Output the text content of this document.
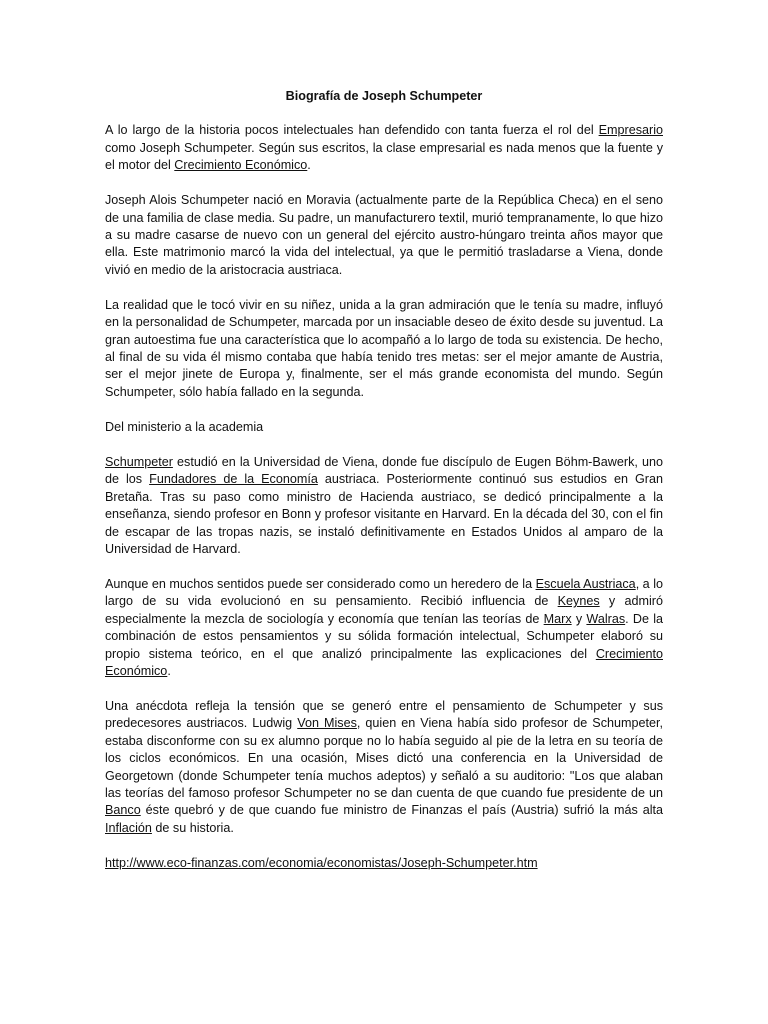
Biografía de Joseph Schumpeter

A lo largo de la historia pocos intelectuales han defendido con tanta fuerza el rol del Empresario como Joseph Schumpeter. Según sus escritos, la clase empresarial es nada menos que la fuente y el motor del Crecimiento Económico.

Joseph Alois Schumpeter nació en Moravia (actualmente parte de la República Checa) en el seno de una familia de clase media. Su padre, un manufacturero textil, murió tempranamente, lo que hizo a su madre casarse de nuevo con un general del ejército austro-húngaro treinta años mayor que ella. Este matrimonio marcó la vida del intelectual, ya que le permitió trasladarse a Viena, donde vivió en medio de la aristocracia austriaca.

La realidad que le tocó vivir en su niñez, unida a la gran admiración que le tenía su madre, influyó en la personalidad de Schumpeter, marcada por un insaciable deseo de éxito desde su juventud. La gran autoestima fue una característica que lo acompañó a lo largo de toda su existencia. De hecho, al final de su vida él mismo contaba que había tenido tres metas: ser el mejor amante de Austria, ser el mejor jinete de Europa y, finalmente, ser el más grande economista del mundo. Según Schumpeter, sólo había fallado en la segunda.

Del ministerio a la academia

Schumpeter estudió en la Universidad de Viena, donde fue discípulo de Eugen Böhm-Bawerk, uno de los Fundadores de la Economía austriaca. Posteriormente continuó sus estudios en Gran Bretaña. Tras su paso como ministro de Hacienda austriaco, se dedicó principalmente a la enseñanza, siendo profesor en Bonn y profesor visitante en Harvard. En la década del 30, con el fin de escapar de las tropas nazis, se instaló definitivamente en Estados Unidos al amparo de la Universidad de Harvard.

Aunque en muchos sentidos puede ser considerado como un heredero de la Escuela Austriaca, a lo largo de su vida evolucionó en su pensamiento. Recibió influencia de Keynes y admiró especialmente la mezcla de sociología y economía que tenían las teorías de Marx y Walras. De la combinación de estos pensamientos y su sólida formación intelectual, Schumpeter elaboró su propio sistema teórico, en el que analizó principalmente las explicaciones del Crecimiento Económico.

Una anécdota refleja la tensión que se generó entre el pensamiento de Schumpeter y sus predecesores austriacos. Ludwig Von Mises, quien en Viena había sido profesor de Schumpeter, estaba disconforme con su ex alumno porque no lo había seguido al pie de la letra en su teoría de los ciclos económicos. En una ocasión, Mises dictó una conferencia en la Universidad de Georgetown (donde Schumpeter tenía muchos adeptos) y señaló a su auditorio: "Los que alaban las teorías del famoso profesor Schumpeter no se dan cuenta de que cuando fue presidente de un Banco éste quebró y de que cuando fue ministro de Finanzas el país (Austria) sufrió la más alta Inflación de su historia.

http://www.eco-finanzas.com/economia/economistas/Joseph-Schumpeter.htm
